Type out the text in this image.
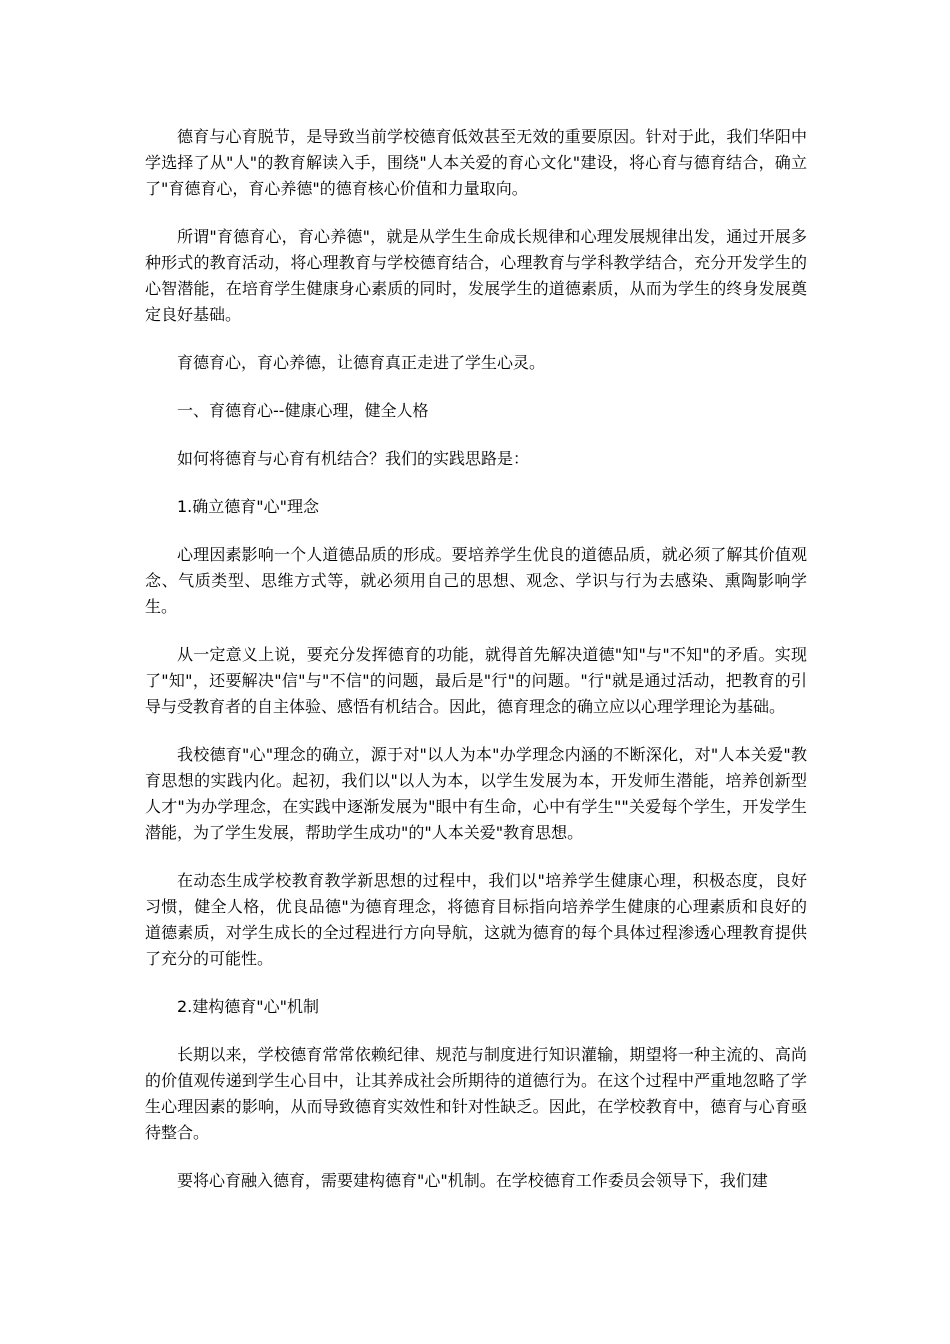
德育与心育脱节，是导致当前学校德育低效甚至无效的重要原因。针对于此，我们华阳中学选择了从"人"的教育解读入手，围绕"人本关爱的育心文化"建设，将心育与德育结合，确立了"育德育心，育心养德"的德育核心价值和力量取向。

所谓"育德育心，育心养德"，就是从学生生命成长规律和心理发展规律出发，通过开展多种形式的教育活动，将心理教育与学校德育结合，心理教育与学科教学结合，充分开发学生的心智潜能，在培育学生健康身心素质的同时，发展学生的道德素质，从而为学生的终身发展奠定良好基础。

育德育心，育心养德，让德育真正走进了学生心灵。

一、育德育心--健康心理，健全人格

如何将德育与心育有机结合？我们的实践思路是：

1.确立德育"心"理念

心理因素影响一个人道德品质的形成。要培养学生优良的道德品质，就必须了解其价值观念、气质类型、思维方式等，就必须用自己的思想、观念、学识与行为去感染、熏陶影响学生。

从一定意义上说，要充分发挥德育的功能，就得首先解决道德"知"与"不知"的矛盾。实现了"知"，还要解决"信"与"不信"的问题，最后是"行"的问题。"行"就是通过活动，把教育的引导与受教育者的自主体验、感悟有机结合。因此，德育理念的确立应以心理学理论为基础。

我校德育"心"理念的确立，源于对"以人为本"办学理念内涵的不断深化，对"人本关爱"教育思想的实践内化。起初，我们以"以人为本，以学生发展为本，开发师生潜能，培养创新型人才"为办学理念，在实践中逐渐发展为"眼中有生命，心中有学生""关爱每个学生，开发学生潜能，为了学生发展，帮助学生成功"的"人本关爱"教育思想。

在动态生成学校教育教学新思想的过程中，我们以"培养学生健康心理，积极态度，良好习惯，健全人格，优良品德"为德育理念，将德育目标指向培养学生健康的心理素质和良好的道德素质，对学生成长的全过程进行方向导航，这就为德育的每个具体过程渗透心理教育提供了充分的可能性。

2.建构德育"心"机制

长期以来，学校德育常常依赖纪律、规范与制度进行知识灌输，期望将一种主流的、高尚的价值观传递到学生心目中，让其养成社会所期待的道德行为。在这个过程中严重地忽略了学生心理因素的影响，从而导致德育实效性和针对性缺乏。因此，在学校教育中，德育与心育亟待整合。

要将心育融入德育，需要建构德育"心"机制。在学校德育工作委员会领导下，我们建
